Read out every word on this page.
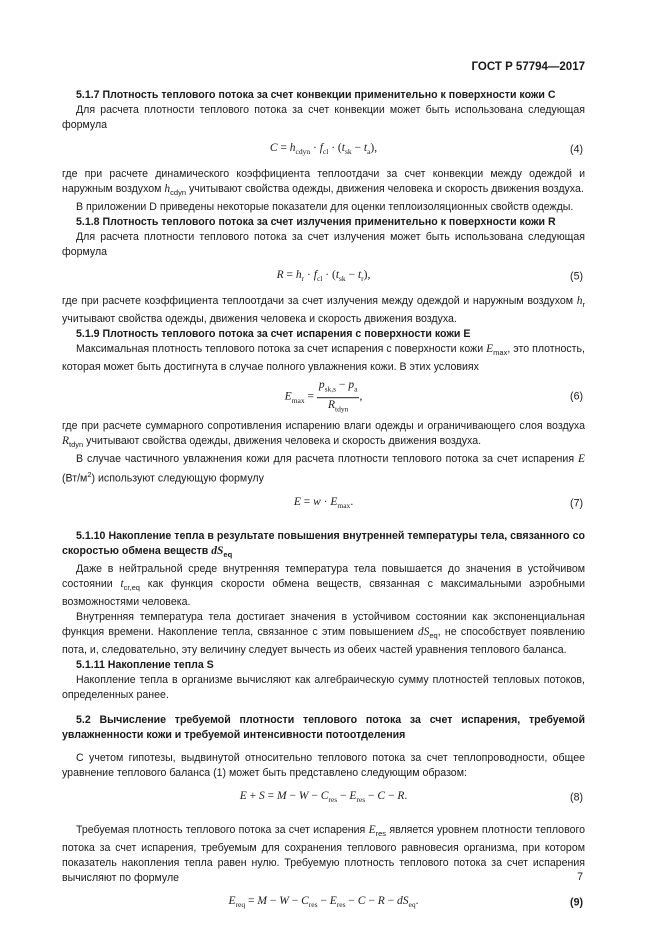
ГОСТ Р 57794—2017

5.1.7 Плотность теплового потока за счет конвекции применительно к поверхности кожи C

Для расчета плотности теплового потока за счет конвекции может быть использована следующая формула

$C = h_{cdyn} \cdot f_{cl} \cdot (t_{sk} - t_a)$,	(4)

где при расчете динамического коэффициента теплоотдачи за счет конвекции между одеждой и наружным воздухом $h_{cdyn}$ учитывают свойства одежды, движения человека и скорость движения воздуха.

В приложении D приведены некоторые показатели для оценки теплоизоляционных свойств одежды.

5.1.8 Плотность теплового потока за счет излучения применительно к поверхности кожи R

Для расчета плотности теплового потока за счет излучения может быть использована следующая формула

$R = h_r \cdot f_{cl} \cdot (t_{sk} - t_r)$,	(5)

где при расчете коэффициента теплоотдачи за счет излучения между одеждой и наружным воздухом $h_r$ учитывают свойства одежды, движения человека и скорость движения воздуха.

5.1.9 Плотность теплового потока за счет испарения с поверхности кожи E

Максимальная плотность теплового потока за счет испарения с поверхности кожи $E_{max}$, это плотность, которая может быть достигнута в случае полного увлажнения кожи. В этих условиях

$E_{max} = \frac{p_{sk,s} - p_a}{R_{tdyn}}$ ,	(6)

где при расчете суммарного сопротивления испарению влаги одежды и ограничивающего слоя воздуха $R_{tdyn}$ учитывают свойства одежды, движения человека и скорость движения воздуха.

В случае частичного увлажнения кожи для расчета плотности теплового потока за счет испарения E $(Вт/м^2)$ используют следующую формулу

$E = w \cdot E_{max}$.	(7)

5.1.10 Накопление тепла в результате повышения внутренней температуры тела, связанного со скоростью обмена веществ $dS_{eq}$

Даже в нейтральной среде внутренняя температура тела повышается до значения в устойчивом состоянии $t_{cr,eq}$ как функция скорости обмена веществ, связанная с максимальными аэробными возможностями человека.

Внутренняя температура тела достигает значения в устойчивом состоянии как экспоненциальная функция времени. Накопление тепла, связанное с этим повышением $dS_{eq}$, не способствует появлению пота, и, следовательно, эту величину следует вычесть из обеих частей уравнения теплового баланса.

5.1.11 Накопление тепла S

Накопление тепла в организме вычисляют как алгебраическую сумму плотностей тепловых потоков, определенных ранее.

5.2 Вычисление требуемой плотности теплового потока за счет испарения, требуемой увлажненности кожи и требуемой интенсивности потоотделения

С учетом гипотезы, выдвинутой относительно теплового потока за счет теплопроводности, общее уравнение теплового баланса (1) может быть представлено следующим образом:

$E + S = M - W - C_{res} - E_{res} - C - R$.	(8)

Требуемая плотность теплового потока за счет испарения $E_{res}$ является уровнем плотности теплового потока за счет испарения, требуемым для сохранения теплового равновесия организма, при котором показатель накопления тепла равен нулю. Требуемую плотность теплового потока за счет испарения вычисляют по формуле

$E_{req} = M - W - C_{res} - E_{res} - C - R - dS_{eq}$.	(9)
7
